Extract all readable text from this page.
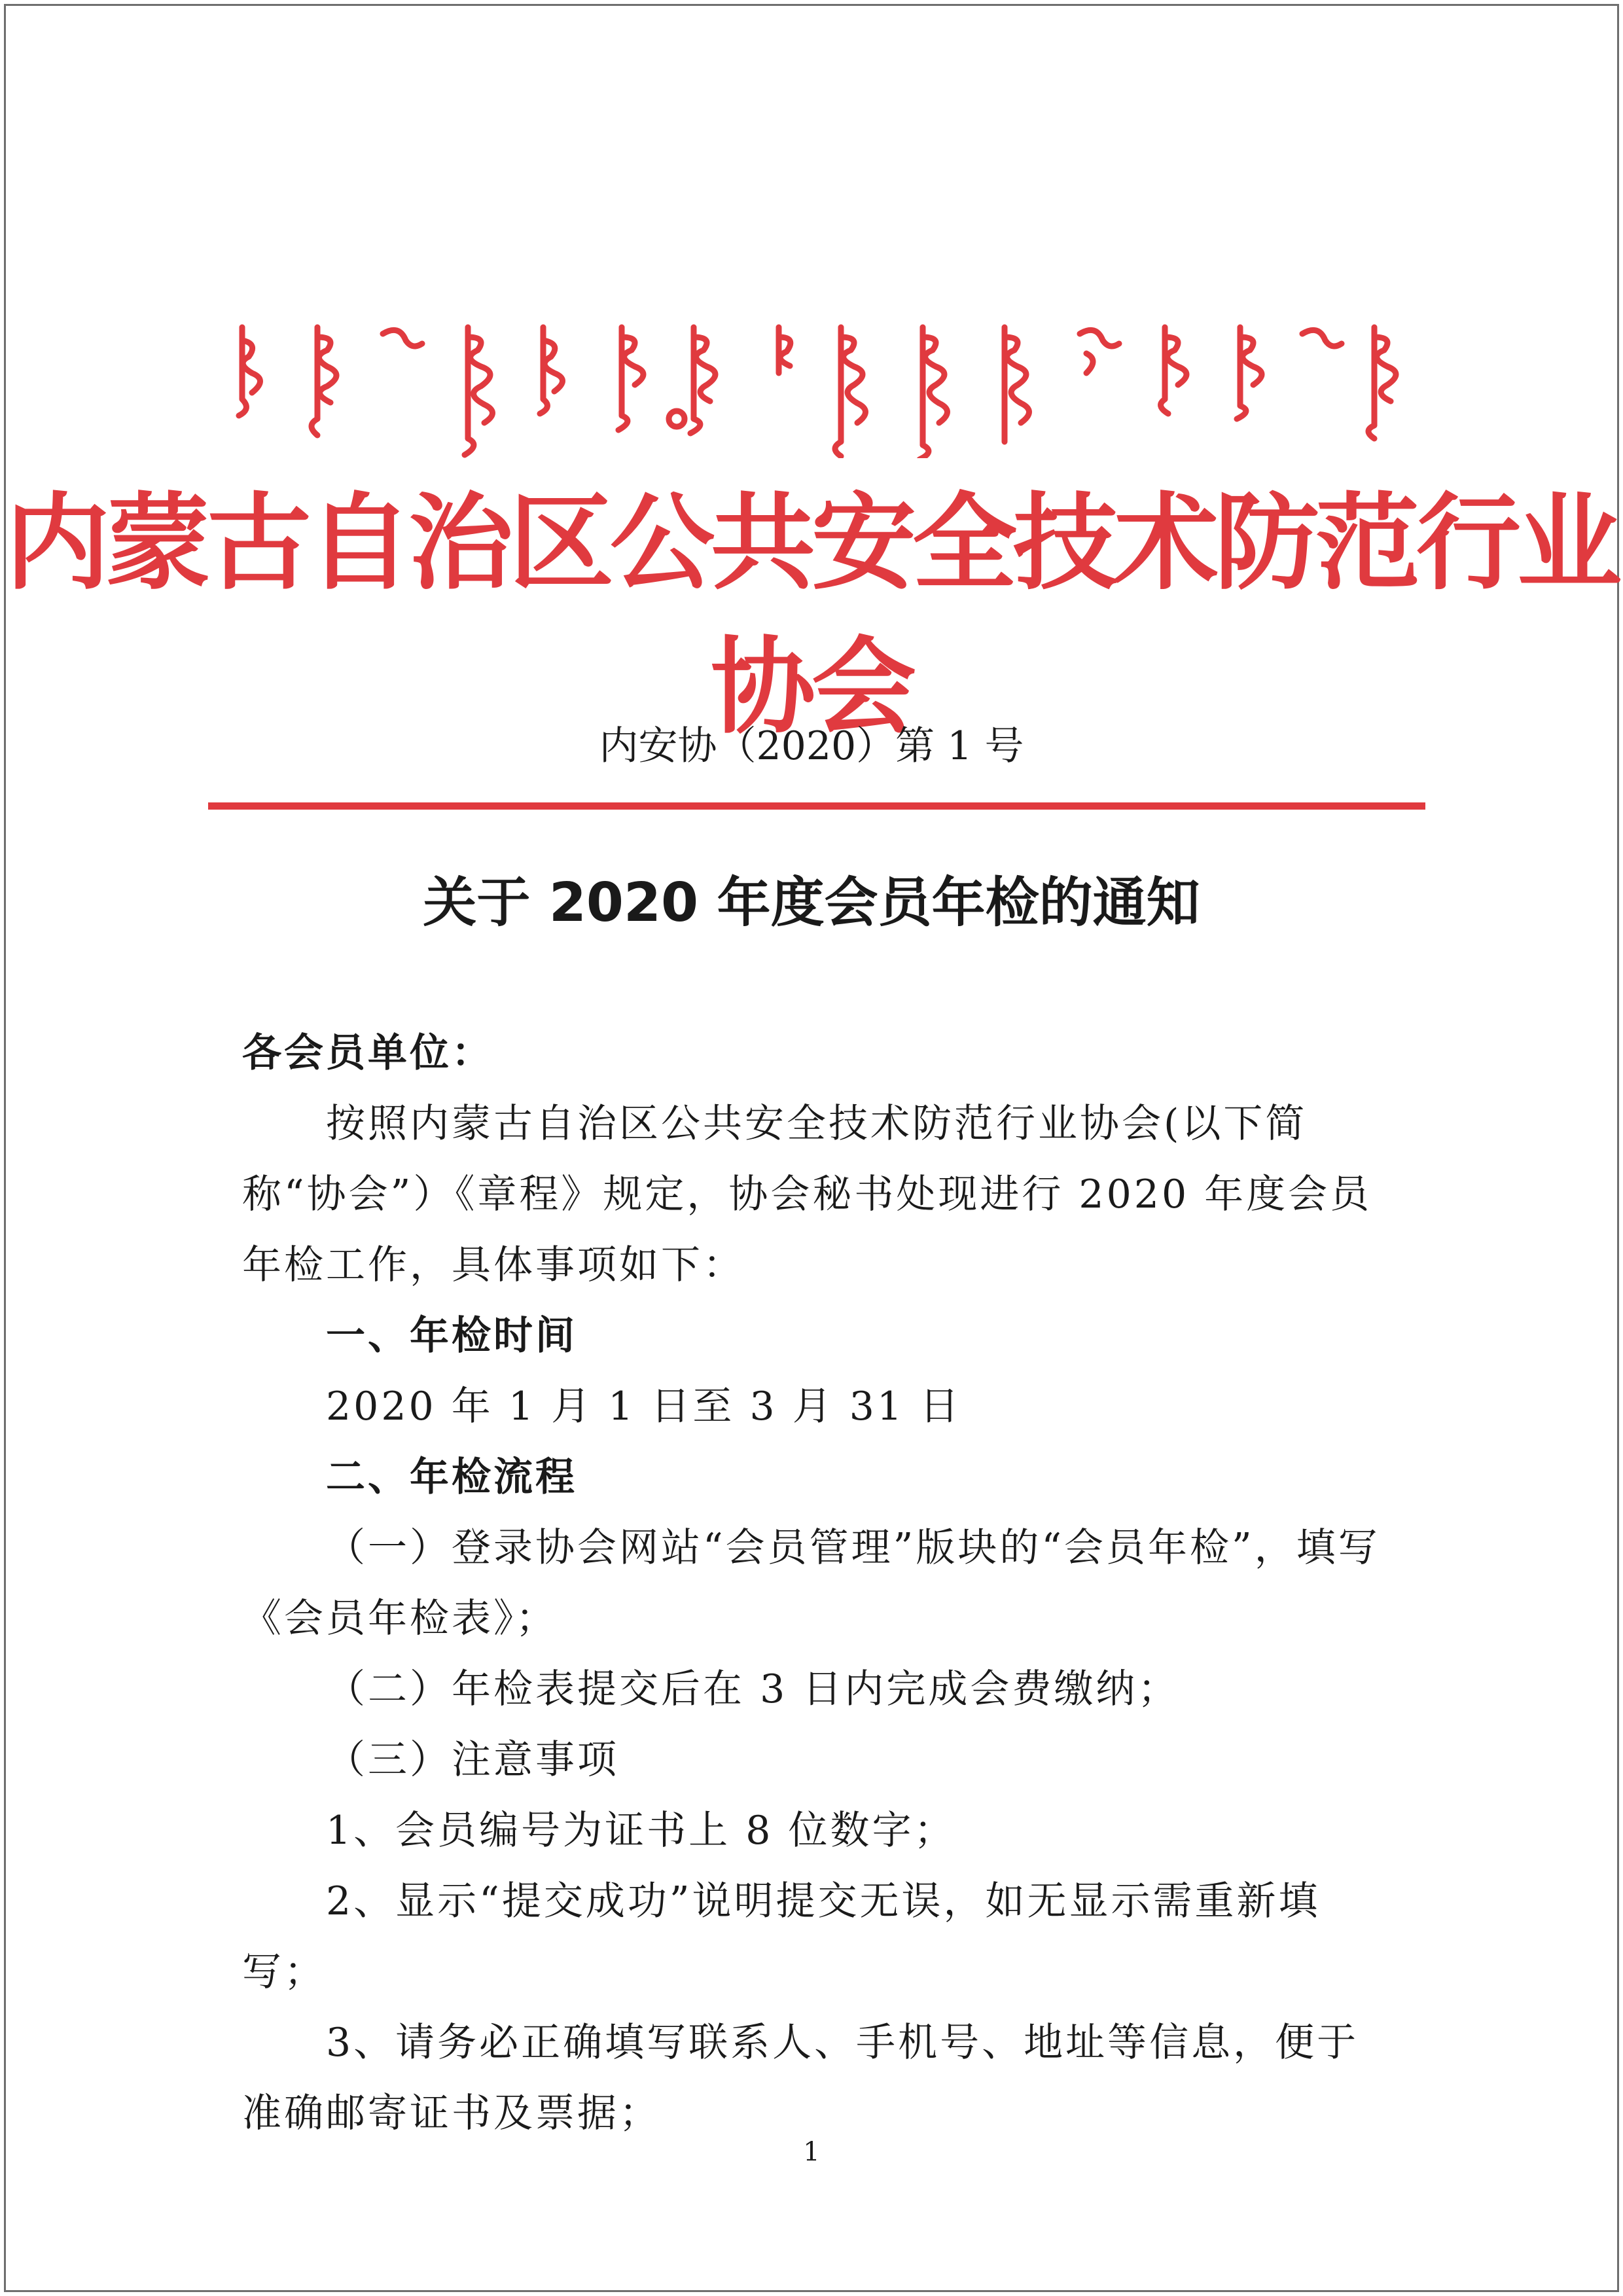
内蒙古自治区公共安全技术防范行业协会
内安协（2020）第 1 号
关于 2020 年度会员年检的通知

各会员单位：

按照内蒙古自治区公共安全技术防范行业协会(以下简称“协会”）《章程》规定，协会秘书处现进行 2020 年度会员年检工作，具体事项如下：

一、年检时间

2020 年 1 月 1 日至 3 月 31 日

二、年检流程

（一）登录协会网站“会员管理”版块的“会员年检”，填写《会员年检表》；

（二）年检表提交后在 3 日内完成会费缴纳；

（三）注意事项

1、会员编号为证书上 8 位数字；

2、显示“提交成功”说明提交无误，如无显示需重新填写；

3、请务必正确填写联系人、手机号、地址等信息，便于准确邮寄证书及票据；

1
